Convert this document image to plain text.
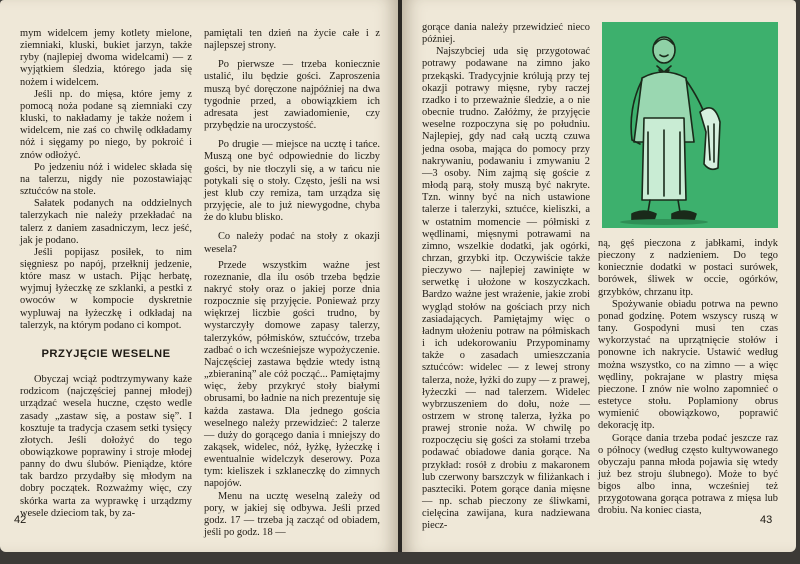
mym widelcem jemy kotlety mielone, ziemniaki, kluski, bukiet jarzyn, także ryby (najlepiej dwoma widelcami) — z wyjątkiem śledzia, którego jada się nożem i widelcem.

Jeśli np. do mięsa, które jemy z pomocą noża podane są ziemniaki czy kluski, to nakładamy je także nożem i widelcem, nie zaś co chwilę odkładamy nóż i sięgamy po niego, by pokroić i znów odłożyć.

Po jedzeniu nóż i widelec składa się na talerzu, nigdy nie pozostawiając sztućców na stole.

Sałatek podanych na oddzielnych talerzykach nie należy przekładać na talerz z daniem zasadniczym, lecz jeść, jak je podano.

Jeśli popijasz posiłek, to nim sięgniesz po napój, przełknij jedzenie, które masz w ustach. Pijąc herbatę, wyjmuj łyżeczkę ze szklanki, a pestki z owoców w kompocie dyskretnie wypluwaj na łyżeczkę i odkładaj na talerzyk, na którym podano ci kompot.

PRZYJĘCIE WESELNE

Obyczaj wciąż podtrzymywany każe rodzicom (najczęściej pannej młodej) urządzać wesela huczne, często wedle zasady „zastaw się, a postaw się”. I kosztuje ta tradycja czasem setki tysięcy złotych. Jeśli dołożyć do tego obowiązkowe poprawiny i stroje młodej panny do dwu ślubów. Pieniądze, które tak bardzo przydałby się młodym na dobry początek. Rozważmy więc, czy skórka warta za wyprawkę i urządzmy wesele dzieciom tak, by za-

pamiętali ten dzień na życie całe i z najlepszej strony.

Po pierwsze — trzeba koniecznie ustalić, ilu będzie gości. Zaproszenia muszą być doręczone najpóźniej na dwa tygodnie przed, a obowiązkiem ich adresata jest zawiadomienie, czy przybędzie na uroczystość.

Po drugie — miejsce na ucztę i tańce. Muszą one być odpowiednie do liczby gości, by nie tłoczyli się, a w tańcu nie potykali się o stoły. Często, jeśli na wsi jest klub czy remiza, tam urządza się przyjęcie, ale to już niewygodne, chyba że do klubu blisko.

Co należy podać na stoły z okazji wesela?

Przede wszystkim ważne jest rozeznanie, dla ilu osób trzeba będzie nakryć stoły oraz o jakiej porze dnia rozpocznie się przyjęcie. Ponieważ przy więkrzej liczbie gości trudno, by wystarczyły domowe zapasy talerzy, talerzyków, półmisków, sztućców, trzeba zadbać o ich wcześniejsze wypożyczenie. Najczęściej zastawa będzie wtedy istną „zbieraniną” ale cóż począć... Pamiętajmy więc, żeby przykryć stoły białymi obrusami, bo ładnie na nich prezentuje się każda zastawa. Dla jednego gościa weselnego należy przewidzieć: 2 talerze — duży do gorącego dania i mniejszy do zakąsek, widelec, nóż, łyżkę, łyżeczkę i ewentualnie widelczyk deserowy. Poza tym: kieliszek i szklaneczkę do zimnych napojów.

Menu na ucztę weselną zależy od pory, w jakiej się odbywa. Jeśli przed godz. 17 — trzeba ją zacząć od obiadem, jeśli po godz. 18 —

42

gorące dania należy przewidzieć nieco później.

Najszybciej uda się przygotować potrawy podawane na zimno jako przekąski. Tradycyjnie królują przy tej okazji potrawy mięsne, ryby raczej rzadko i to przeważnie śledzie, a o nie obecnie trudno. Załóżmy, że przyjęcie weselne rozpoczyna się po południu. Najlepiej, gdy nad całą ucztą czuwa jedna osoba, mająca do pomocy przy nakrywaniu, podawaniu i zmywaniu 2—3 osoby. Nim zajmą się goście z młodą parą, stoły muszą być nakryte. Tzn. winny być na nich ustawione talerze i talerzyki, sztućce, kieliszki, a w ostatnim momencie — półmiski z wędlinami, mięsnymi potrawami na zimno, wszelkie dodatki, jak ogórki, chrzan, grzybki itp. Oczywiście także pieczywo — najlepiej zawinięte w serwetkę i ułożone w koszyczkach. Bardzo ważne jest wrażenie, jakie zrobi wygląd stołów na gościach przy nich zasiadających. Pamiętajmy więc o ładnym ułożeniu potraw na półmiskach i ich udekorowaniu Przypominamy także o zasadach umieszczania sztućców: widelec — z lewej strony talerza, noże, łyżki do zupy — z prawej, łyżeczki — nad talerzem. Widelec wybrzuszeniem do dołu, noże — ostrzem w stronę talerza, łyżka po prawej stronie noża. W chwilę po rozpoczęciu się gości za stołami trzeba podawać obiadowe dania gorące. Na przykład: rosół z drobiu z makaronem lub czerwony barszczyk w filiżankach i paszteciki. Potem gorące dania mięsne — np. schab pieczony ze śliwkami, cielęcina zawijana, kura nadziewana piecz-

ną, gęś pieczona z jabłkami, indyk pieczony z nadzieniem. Do tego koniecznie dodatki w postaci surówek, borówek, śliwek w occie, ogórków, grzybków, chrzanu itp.

Spożywanie obiadu potrwa na pewno ponad godzinę. Potem wszyscy ruszą w tany. Gospodyni musi ten czas wykorzystać na uprzątnięcie stołów i ponowne ich nakrycie. Ustawić według można wszystko, co na zimno — a więc wędliny, pokrajane w plastry mięsa pieczone. I znów nie wolno zapomnieć o estetyce stołu. Poplamiony obrus wymienić obowiązkowo, poprawić dekorację itp.

Gorące dania trzeba podać jeszcze raz o północy (według często kultywowanego obyczaju panna młoda pojawia się wtedy już bez stroju ślubnego). Może to być bigos albo inna, wcześniej też przygotowana gorąca potrawa z mięsa lub drobiu. Na koniec ciasta,

43
